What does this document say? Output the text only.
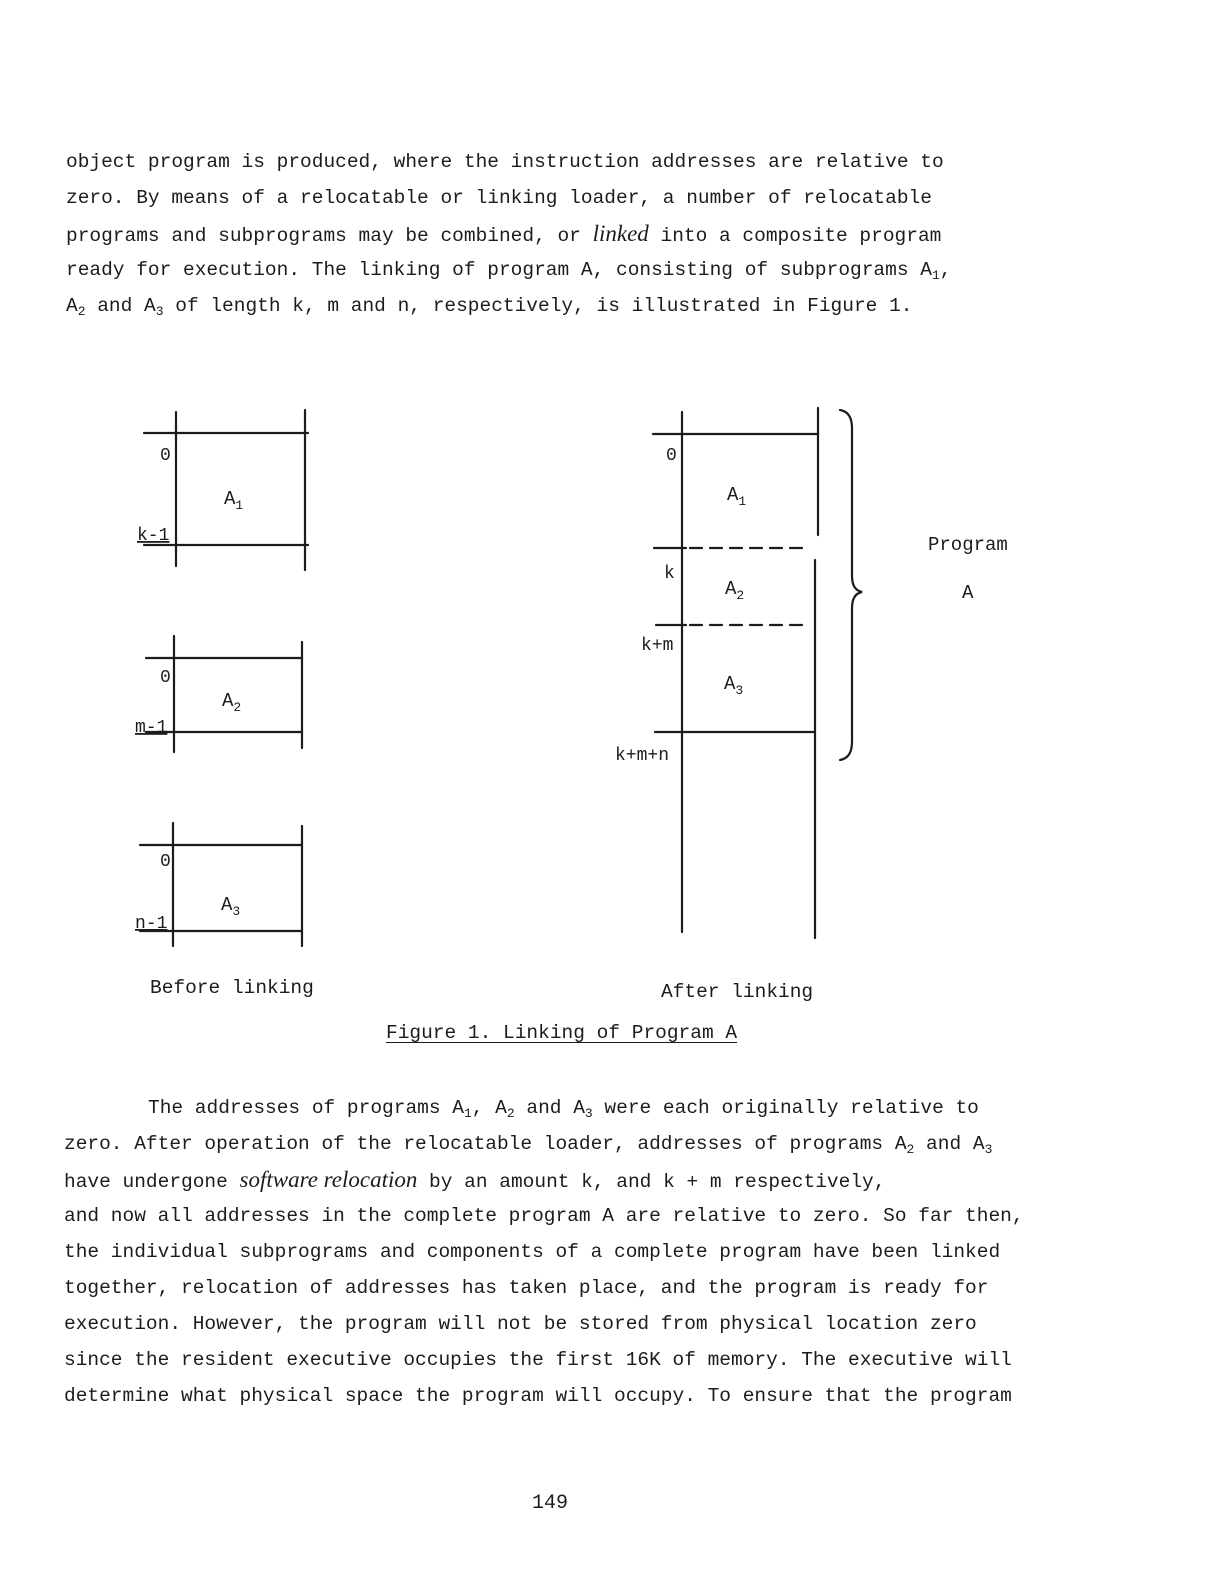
object program is produced, where the instruction addresses are relative to
zero. By means of a relocatable or linking loader, a number of relocatable
programs and subprograms may be combined, or linked into a composite program
ready for execution. The linking of program A, consisting of subprograms $A_1$,
$A_2$ and $A_3$ of length k, m and n, respectively, is illustrated in Figure 1.

0
k-1
$A_1$
0
m-1
$A_2$
0
n-1
$A_3$
0
k
k+m
k+m+n
$A_1$
$A_2$
$A_3$
Program
A
Before linking	After linking
Figure 1. Linking of Program A

The addresses of programs $A_1$, $A_2$ and $A_3$ were each originally relative to
zero. After operation of the relocatable loader, addresses of programs $A_2$ and $A_3$
have undergone software relocation by an amount k, and k + m respectively,
and now all addresses in the complete program A are relative to zero. So far then,
the individual subprograms and components of a complete program have been linked
together, relocation of addresses has taken place, and the program is ready for
execution. However, the program will not be stored from physical location zero
since the resident executive occupies the first 16K of memory. The executive will
determine what physical space the program will occupy. To ensure that the program

149
